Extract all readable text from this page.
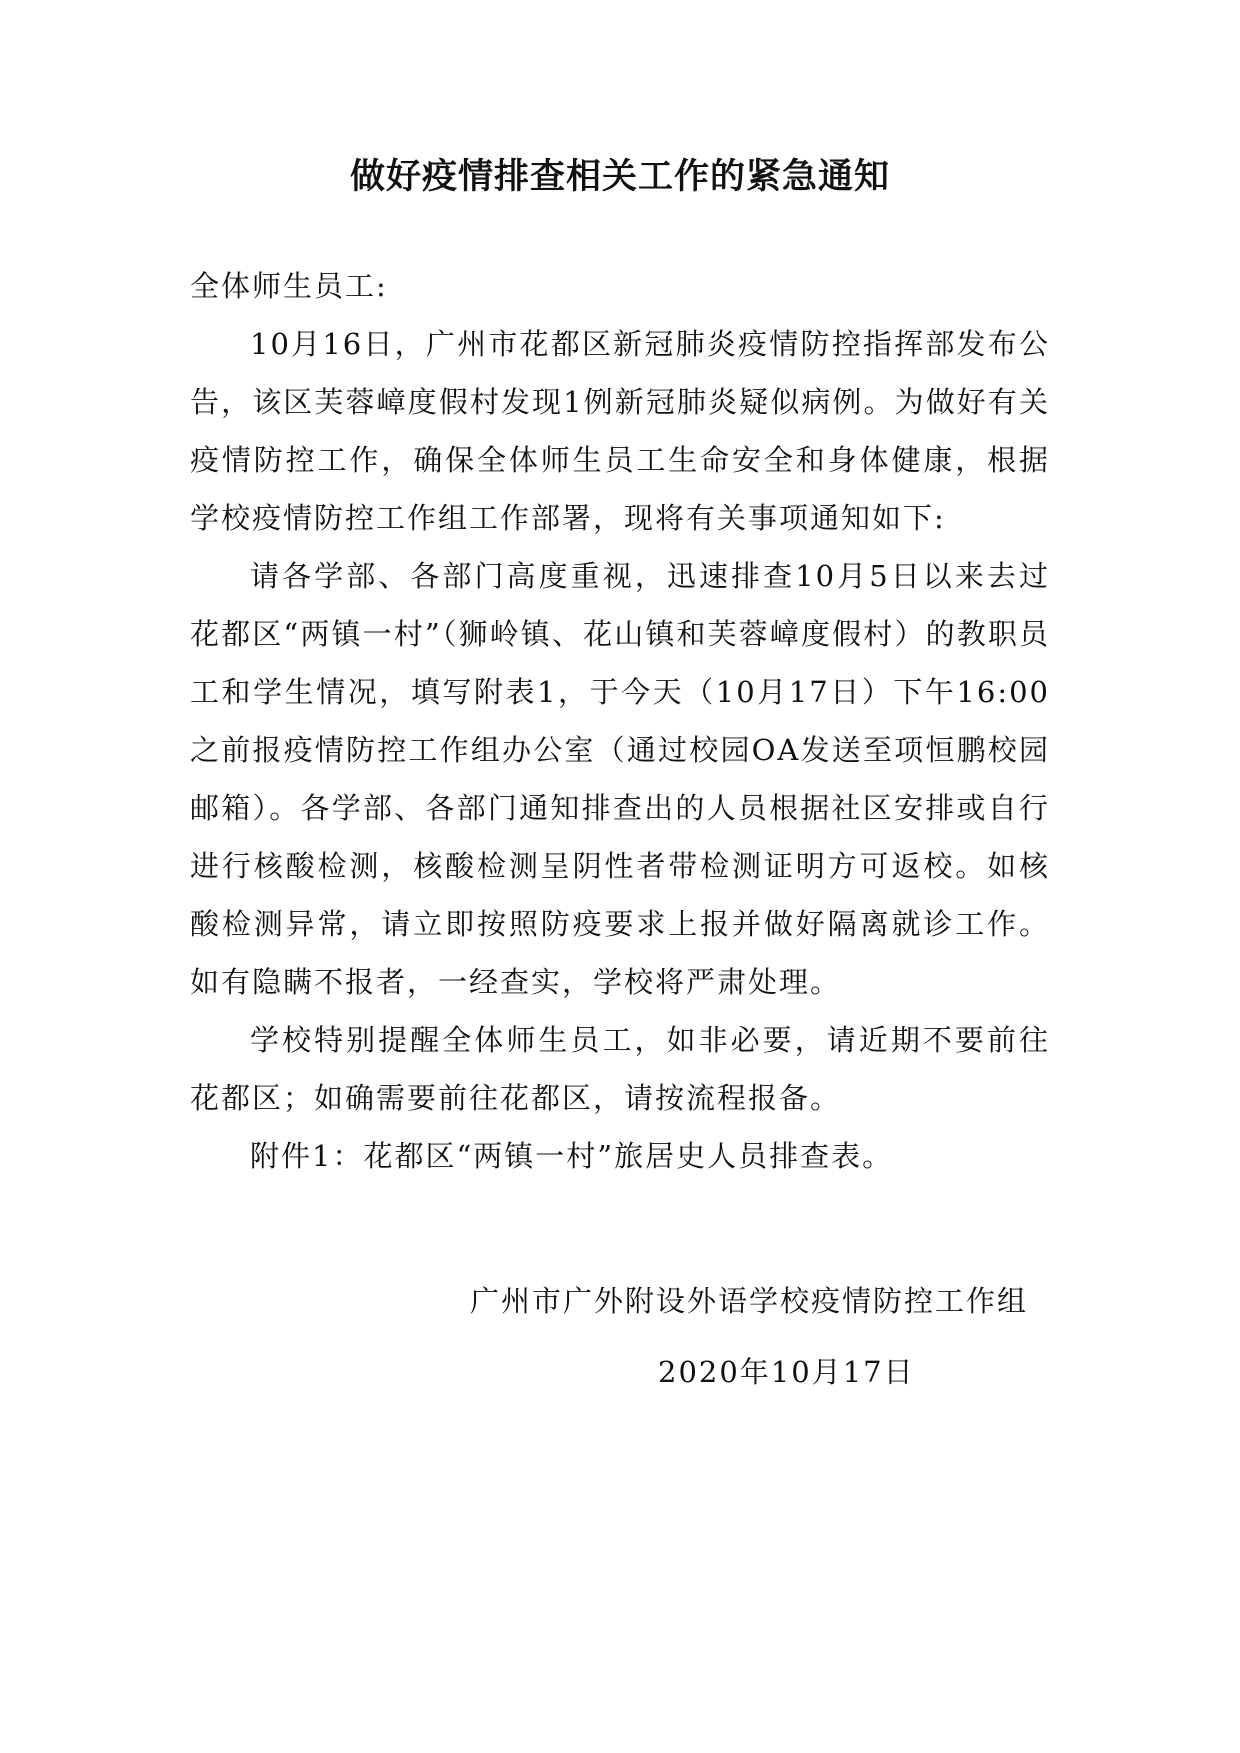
做好疫情排查相关工作的紧急通知
全体师生员工:

10月16日，广州市花都区新冠肺炎疫情防控指挥部发布公告，该区芙蓉嶂度假村发现1例新冠肺炎疑似病例。为做好有关疫情防控工作，确保全体师生员工生命安全和身体健康，根据学校疫情防控工作组工作部署，现将有关事项通知如下:

请各学部、各部门高度重视，迅速排查10月5日以来去过花都区“两镇一村”（狮岭镇、花山镇和芙蓉嶂度假村）的教职员工和学生情况，填写附表1，于今天（10月17日）下午16:00之前报疫情防控工作组办公室（通过校园OA发送至项恒鹏校园邮箱）。各学部、各部门通知排查出的人员根据社区安排或自行进行核酸检测，核酸检测呈阴性者带检测证明方可返校。如核酸检测异常，请立即按照防疫要求上报并做好隔离就诊工作。如有隐瞒不报者，一经查实，学校将严肃处理。

学校特别提醒全体师生员工，如非必要，请近期不要前往花都区；如确需要前往花都区，请按流程报备。

附件1：花都区“两镇一村”旅居史人员排查表。

广州市广外附设外语学校疫情防控工作组
2020年10月17日
